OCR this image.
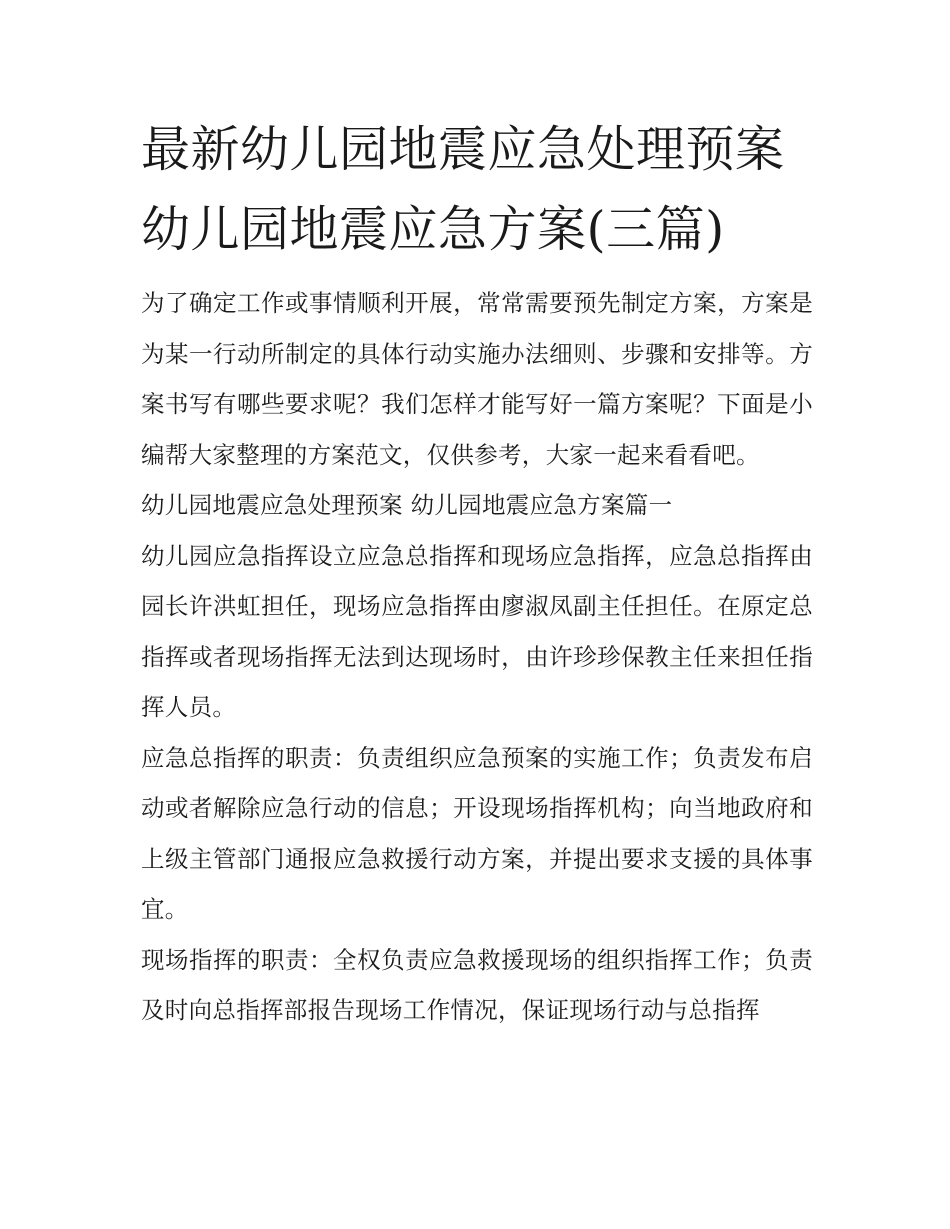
最新幼儿园地震应急处理预案 幼儿园地震应急方案(三篇)

为了确定工作或事情顺利开展，常常需要预先制定方案，方案是为某一行动所制定的具体行动实施办法细则、步骤和安排等。方案书写有哪些要求呢？我们怎样才能写好一篇方案呢？下面是小编帮大家整理的方案范文，仅供参考，大家一起来看看吧。

幼儿园地震应急处理预案 幼儿园地震应急方案篇一

幼儿园应急指挥设立应急总指挥和现场应急指挥，应急总指挥由园长许洪虹担任，现场应急指挥由廖淑凤副主任担任。在原定总指挥或者现场指挥无法到达现场时，由许珍珍保教主任来担任指挥人员。

应急总指挥的职责：负责组织应急预案的实施工作；负责发布启动或者解除应急行动的信息；开设现场指挥机构；向当地政府和上级主管部门通报应急救援行动方案，并提出要求支援的具体事宜。

现场指挥的职责：全权负责应急救援现场的组织指挥工作；负责及时向总指挥部报告现场工作情况，保证现场行动与总指挥
